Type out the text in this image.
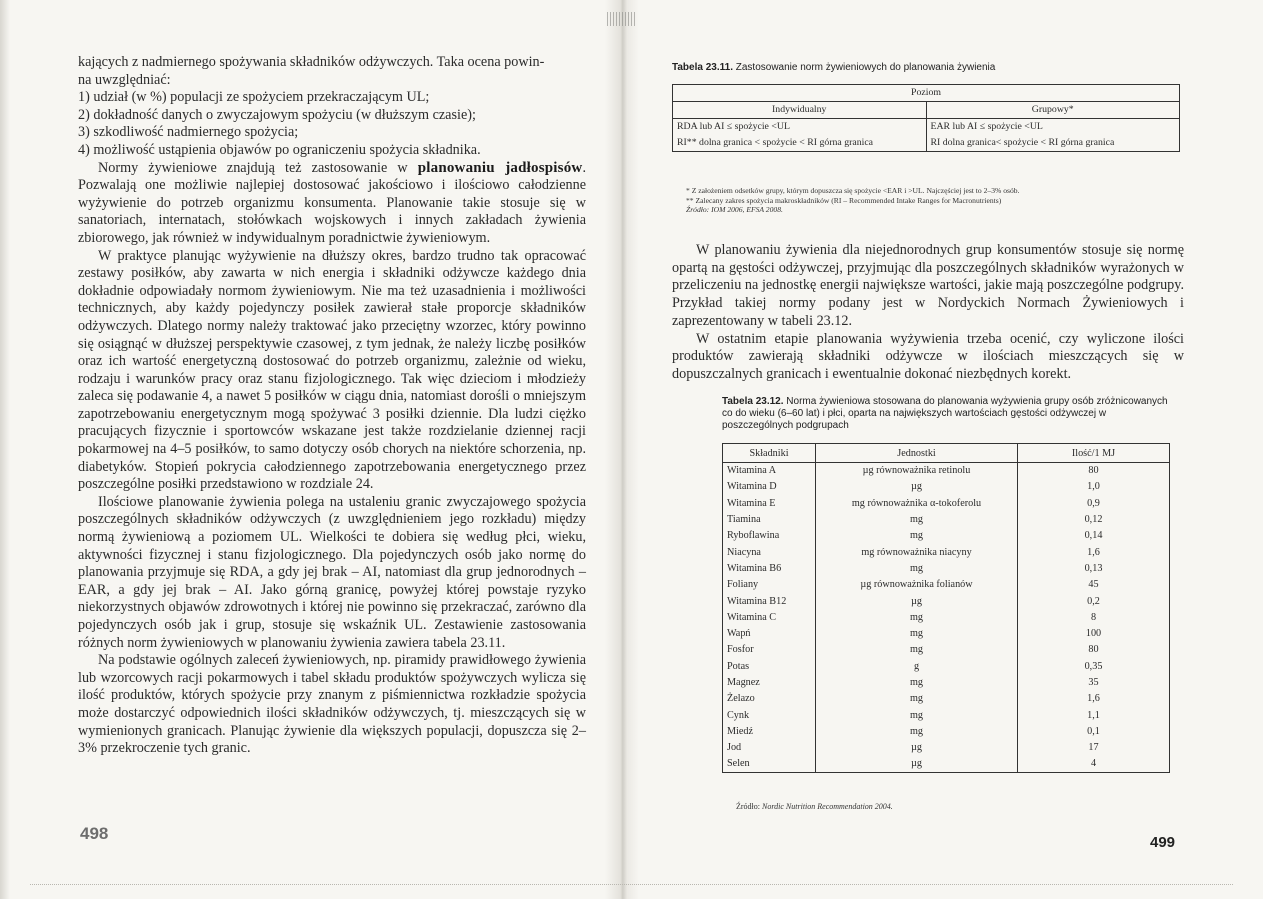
kających z nadmiernego spożywania składników odżywczych. Taka ocena powin-
na uwzględniać:

1) udział (w %) populacji ze spożyciem przekraczającym UL;

2) dokładność danych o zwyczajowym spożyciu (w dłuższym czasie);

3) szkodliwość nadmiernego spożycia;

4) możliwość ustąpienia objawów po ograniczeniu spożycia składnika.

Normy żywieniowe znajdują też zastosowanie w planowaniu jadłospisów. Pozwalają one możliwie najlepiej dostosować jakościowo i ilościowo całodzienne wyżywienie do potrzeb organizmu konsumenta. Planowanie takie stosuje się w sanatoriach, internatach, stołówkach wojskowych i innych zakładach żywienia zbiorowego, jak również w indywidualnym poradnictwie żywieniowym.

W praktyce planując wyżywienie na dłuższy okres, bardzo trudno tak opracować zestawy posiłków, aby zawarta w nich energia i składniki odżywcze każdego dnia dokładnie odpowiadały normom żywieniowym. Nie ma też uzasadnienia i możliwości technicznych, aby każdy pojedynczy posiłek zawierał stałe proporcje składników odżywczych. Dlatego normy należy traktować jako przeciętny wzorzec, który powinno się osiągnąć w dłuższej perspektywie czasowej, z tym jednak, że należy liczbę posiłków oraz ich wartość energetyczną dostosować do potrzeb organizmu, zależnie od wieku, rodzaju i warunków pracy oraz stanu fizjologicznego. Tak więc dzieciom i młodzieży zaleca się podawanie 4, a nawet 5 posiłków w ciągu dnia, natomiast dorośli o mniejszym zapotrzebowaniu energetycznym mogą spożywać 3 posiłki dziennie. Dla ludzi ciężko pracujących fizycznie i sportowców wskazane jest także rozdzielanie dziennej racji pokarmowej na 4–5 posiłków, to samo dotyczy osób chorych na niektóre schorzenia, np. diabetyków. Stopień pokrycia całodziennego zapotrzebowania energetycznego przez poszczególne posiłki przedstawiono w rozdziale 24.

Ilościowe planowanie żywienia polega na ustaleniu granic zwyczajowego spożycia poszczególnych składników odżywczych (z uwzględnieniem jego rozkładu) między normą żywieniową a poziomem UL. Wielkości te dobiera się według płci, wieku, aktywności fizycznej i stanu fizjologicznego. Dla pojedynczych osób jako normę do planowania przyjmuje się RDA, a gdy jej brak – AI, natomiast dla grup jednorodnych – EAR, a gdy jej brak – AI. Jako górną granicę, powyżej której powstaje ryzyko niekorzystnych objawów zdrowotnych i której nie powinno się przekraczać, zarówno dla pojedynczych osób jak i grup, stosuje się wskaźnik UL. Zestawienie zastosowania różnych norm żywieniowych w planowaniu żywienia zawiera tabela 23.11.

Na podstawie ogólnych zaleceń żywieniowych, np. piramidy prawidłowego żywienia lub wzorcowych racji pokarmowych i tabel składu produktów spożywczych wylicza się ilość produktów, których spożycie przy znanym z piśmiennictwa rozkładzie spożycia może dostarczyć odpowiednich ilości składników odżywczych, tj. mieszczących się w wymienionych granicach. Planując żywienie dla większych populacji, dopuszcza się 2–3% przekroczenie tych granic.

498
Tabela 23.11. Zastosowanie norm żywieniowych do planowania żywienia
Poziom	
Indywidualny	Grupowy*
RDA lub AI ≤ spożycie <UL	EAR lub AI ≤ spożycie <UL
RI** dolna granica < spożycie < RI górna granica	RI dolna granica< spożycie < RI górna granica
* Z założeniem odsetków grupy, którym dopuszcza się spożycie <EAR i >UL. Najczęściej jest to 2–3% osób.
** Zalecany zakres spożycia makroskładników (RI – Recommended Intake Ranges for Macronutrients)
Źródło: IOM 2006, EFSA 2008.

W planowaniu żywienia dla niejednorodnych grup konsumentów stosuje się normę opartą na gęstości odżywczej, przyjmując dla poszczególnych składników wyrażonych w przeliczeniu na jednostkę energii największe wartości, jakie mają poszczególne podgrupy. Przykład takiej normy podany jest w Nordyckich Normach Żywieniowych i zaprezentowany w tabeli 23.12.

W ostatnim etapie planowania wyżywienia trzeba ocenić, czy wyliczone ilości produktów zawierają składniki odżywcze w ilościach mieszczących się w dopuszczalnych granicach i ewentualnie dokonać niezbędnych korekt.

Tabela 23.12. Norma żywieniowa stosowana do planowania wyżywienia grupy osób zróżnicowanych co do wieku (6–60 lat) i płci, oparta na największych wartościach gęstości odżywczej w poszczególnych podgrupach
Składniki	Jednostki	Ilość/1 MJ
Witamina A	µg równoważnika retinolu	80
Witamina D	µg	1,0
Witamina E	mg równoważnika α-tokoferolu	0,9
Tiamina	mg	0,12
Ryboflawina	mg	0,14
Niacyna	mg równoważnika niacyny	1,6
Witamina B6	mg	0,13
Foliany	µg równoważnika folianów	45
Witamina B12	µg	0,2
Witamina C	mg	8
Wapń	mg	100
Fosfor	mg	80
Potas	g	0,35
Magnez	mg	35
Żelazo	mg	1,6
Cynk	mg	1,1
Miedź	mg	0,1
Jod	µg	17
Selen	µg	4
Źródło: Nordic Nutrition Recommendation 2004.
499
